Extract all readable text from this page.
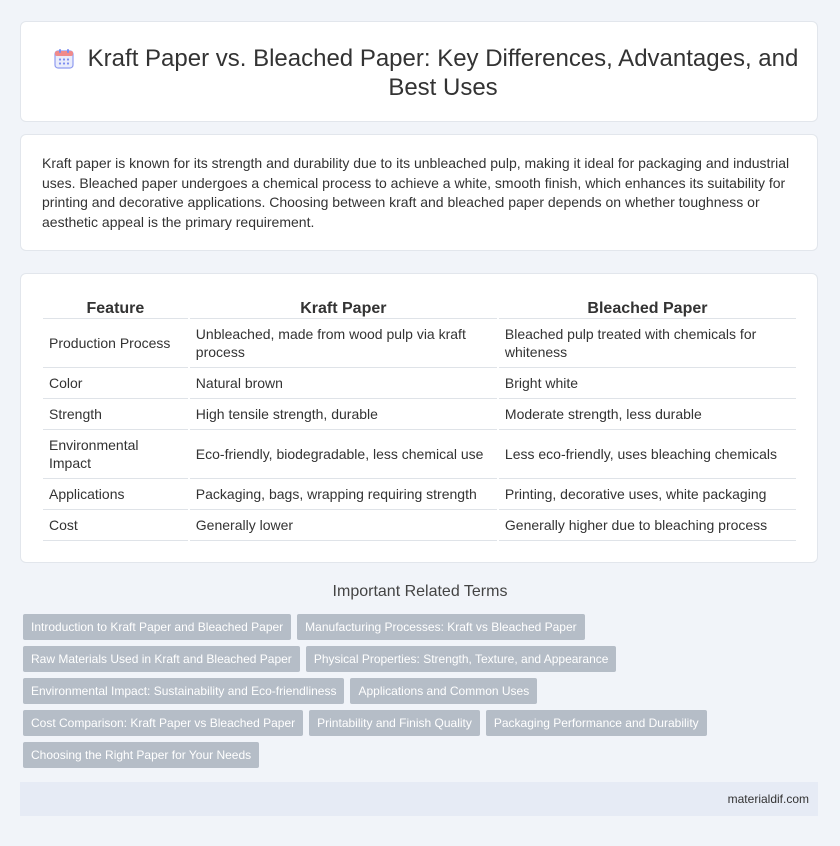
Kraft Paper vs. Bleached Paper: Key Differences, Advantages, and Best Uses

Kraft paper is known for its strength and durability due to its unbleached pulp, making it ideal for packaging and industrial uses. Bleached paper undergoes a chemical process to achieve a white, smooth finish, which enhances its suitability for printing and decorative applications. Choosing between kraft and bleached paper depends on whether toughness or aesthetic appeal is the primary requirement.

Feature	Kraft Paper	Bleached Paper
Production Process	Unbleached, made from wood pulp via kraft process	Bleached pulp treated with chemicals for whiteness
Color	Natural brown	Bright white
Strength	High tensile strength, durable	Moderate strength, less durable
Environmental Impact	Eco-friendly, biodegradable, less chemical use	Less eco-friendly, uses bleaching chemicals
Applications	Packaging, bags, wrapping requiring strength	Printing, decorative uses, white packaging
Cost	Generally lower	Generally higher due to bleaching process
Important Related Terms
Introduction to Kraft Paper and Bleached Paper	Manufacturing Processes: Kraft vs Bleached Paper
Raw Materials Used in Kraft and Bleached Paper	Physical Properties: Strength, Texture, and Appearance
Environmental Impact: Sustainability and Eco-friendliness	Applications and Common Uses
Cost Comparison: Kraft Paper vs Bleached Paper	Printability and Finish Quality	Packaging Performance and Durability
Choosing the Right Paper for Your Needs
materialdif.com
